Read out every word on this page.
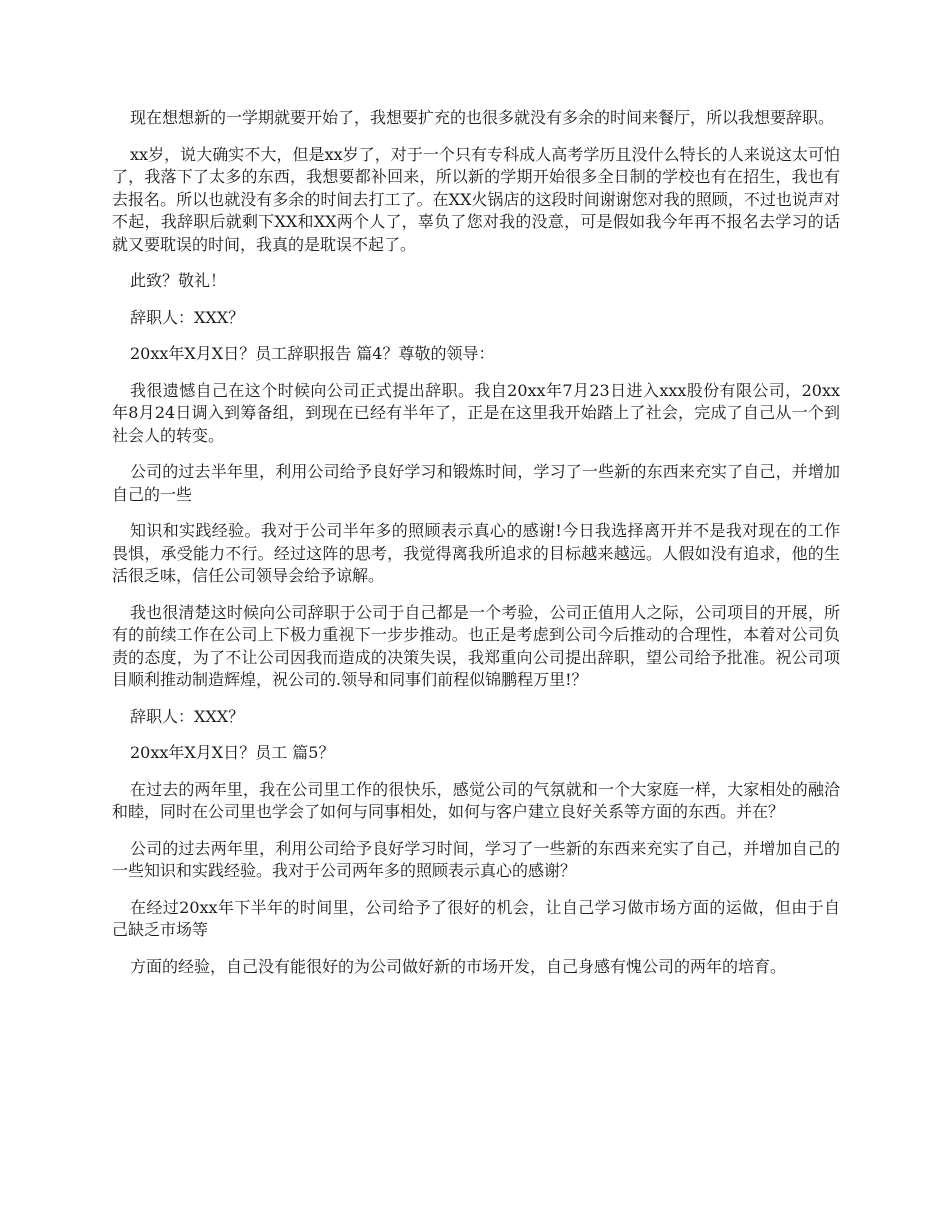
现在想想新的一学期就要开始了，我想要扩充的也很多就没有多余的时间来餐厅，所以我想要辞职。

xx岁，说大确实不大，但是xx岁了，对于一个只有专科成人高考学历且没什么特长的人来说这太可怕了，我落下了太多的东西，我想要都补回来，所以新的学期开始很多全日制的学校也有在招生，我也有去报名。所以也就没有多余的时间去打工了。在XX火锅店的这段时间谢谢您对我的照顾，不过也说声对不起，我辞职后就剩下XX和XX两个人了，辜负了您对我的没意，可是假如我今年再不报名去学习的话就又要耽误的时间，我真的是耽误不起了。

此致？敬礼！

辞职人：XXX？

20xx年X月X日？员工辞职报告 篇4？尊敬的领导：

我很遗憾自己在这个时候向公司正式提出辞职。我自20xx年7月23日进入xxx股份有限公司，20xx年8月24日调入到筹备组，到现在已经有半年了，正是在这里我开始踏上了社会，完成了自己从一个到社会人的转变。

公司的过去半年里，利用公司给予良好学习和锻炼时间，学习了一些新的东西来充实了自己，并增加自己的一些

知识和实践经验。我对于公司半年多的照顾表示真心的感谢!今日我选择离开并不是我对现在的工作畏惧，承受能力不行。经过这阵的思考，我觉得离我所追求的目标越来越远。人假如没有追求，他的生活很乏味，信任公司领导会给予谅解。

我也很清楚这时候向公司辞职于公司于自己都是一个考验，公司正值用人之际，公司项目的开展，所有的前续工作在公司上下极力重视下一步步推动。也正是考虑到公司今后推动的合理性，本着对公司负责的态度，为了不让公司因我而造成的决策失误，我郑重向公司提出辞职，望公司给予批准。祝公司项目顺利推动制造辉煌，祝公司的.领导和同事们前程似锦鹏程万里!？

辞职人：XXX？

20xx年X月X日？员工 篇5？

在过去的两年里，我在公司里工作的很快乐，感觉公司的气氛就和一个大家庭一样，大家相处的融洽和睦，同时在公司里也学会了如何与同事相处，如何与客户建立良好关系等方面的东西。并在？

公司的过去两年里，利用公司给予良好学习时间，学习了一些新的东西来充实了自己，并增加自己的一些知识和实践经验。我对于公司两年多的照顾表示真心的感谢？

在经过20xx年下半年的时间里，公司给予了很好的机会，让自己学习做市场方面的运做，但由于自己缺乏市场等

方面的经验，自己没有能很好的为公司做好新的市场开发，自己身感有愧公司的两年的培育。
